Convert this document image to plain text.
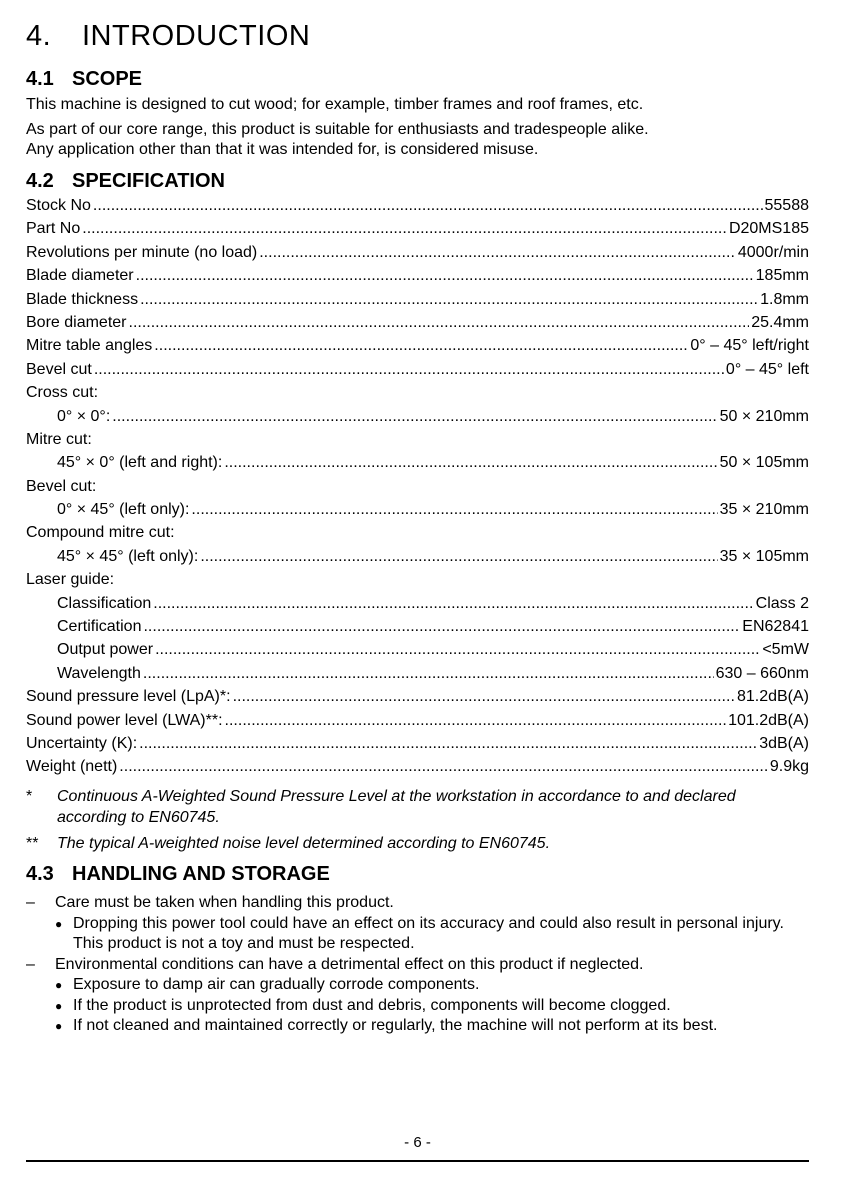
4.	INTRODUCTION
4.1 SCOPE

This machine is designed to cut wood; for example, timber frames and roof frames, etc.

As part of our core range, this product is suitable for enthusiasts and tradespeople alike.

Any application other than that it was intended for, is considered misuse.

4.2 SPECIFICATION
Stock No .....	55588
Part No .....	D20MS185
Revolutions per minute (no load) .....	4000r/min
Blade diameter .....	185mm
Blade thickness .....	1.8mm
Bore diameter .....	25.4mm
Mitre table angles .....	0° – 45° left/right
Bevel cut .....	0° – 45° left
Cross cut:
0° × 0°: .....	50 × 210mm
Mitre cut:
45° × 0° (left and right): .....	50 × 105mm
Bevel cut:
0° × 45° (left only): .....	35 × 210mm
Compound mitre cut:
45° × 45° (left only): .....	35 × 105mm
Laser guide:
Classification .....	Class 2
Certification .....	EN62841
Output power .....	<5mW
Wavelength .....	630 – 660nm
Sound pressure level (LpA)*: .....	81.2dB(A)
Sound power level (LWA)**: .....	101.2dB(A)
Uncertainty (K): .....	3dB(A)
Weight (nett) .....	9.9kg
*	Continuous A-Weighted Sound Pressure Level at the workstation in accordance to and declared according to EN60745.
**	The typical A-weighted noise level determined according to EN60745.
4.3 HANDLING AND STORAGE
–	Care must be taken when handling this product.
● Dropping this power tool could have an effect on its accuracy and could also result in personal injury. This product is not a toy and must be respected.
–	Environmental conditions can have a detrimental effect on this product if neglected.
● Exposure to damp air can gradually corrode components.
● If the product is unprotected from dust and debris, components will become clogged.
● If not cleaned and maintained correctly or regularly, the machine will not perform at its best.
- 6 -
